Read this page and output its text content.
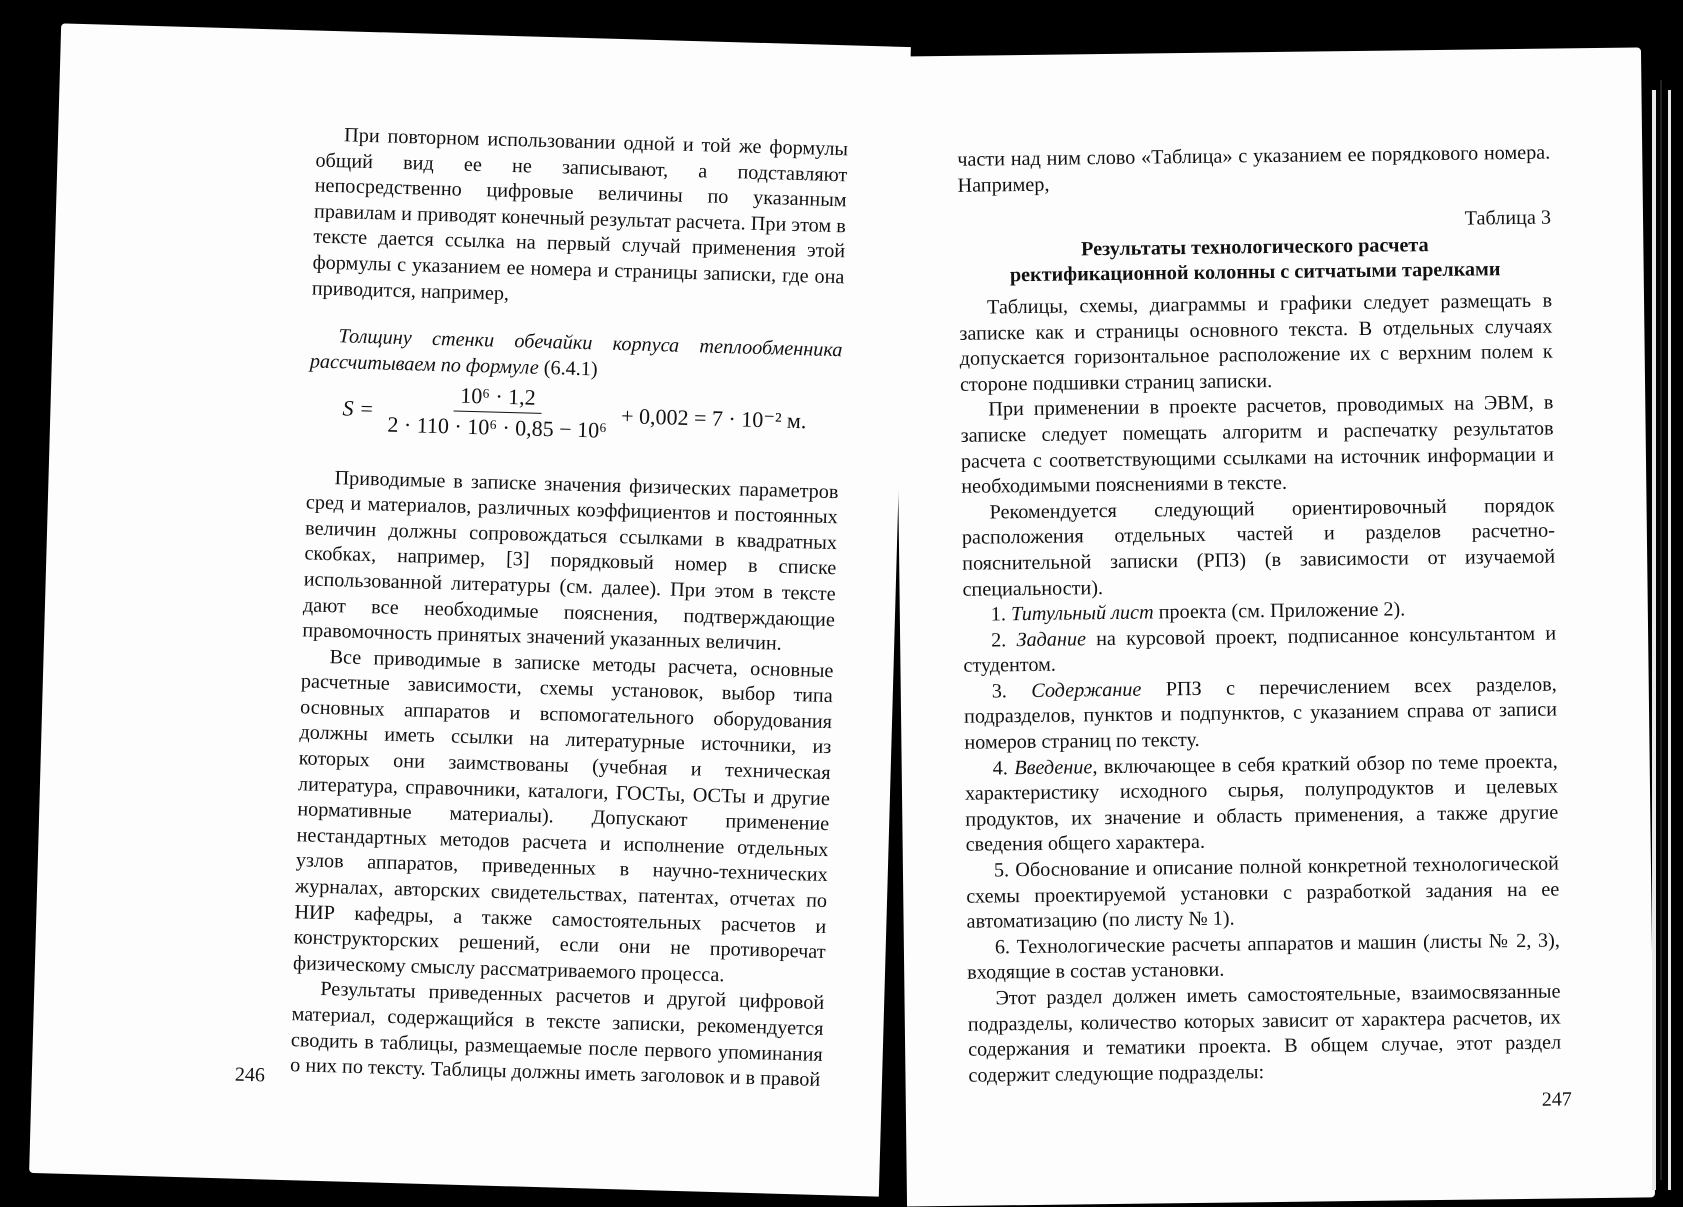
При повторном использовании одной и той же формулы общий вид ее не записывают, а подставляют непосредственно цифровые величины по указанным правилам и приводят конечный результат расчета. При этом в тексте дается ссылка на первый случай применения этой формулы с указанием ее номера и страницы записки, где она приводится, например,

Толщину стенки обечайки корпуса теплообменника рассчитываем по формуле (6.4.1)

$S = \frac{\text{10⁶ · 1,2}}{\text{2 · 110 · 10⁶ · 0,85 − 10⁶}} + 0,002 = 7 \cdot 10^{-2}$ м.

Приводимые в записке значения физических параметров сред и материалов, различных коэффициентов и постоянных величин должны сопровождаться ссылками в квадратных скобках, например, [3] порядковый номер в списке использованной литературы (см. далее). При этом в тексте дают все необходимые пояснения, подтверждающие правомочность принятых значений указанных величин.

Все приводимые в записке методы расчета, основные расчетные зависимости, схемы установок, выбор типа основных аппаратов и вспомогательного оборудования должны иметь ссылки на литературные источники, из которых они заимствованы (учебная и техническая литература, справочники, каталоги, ГОСТы, ОСТы и другие нормативные материалы). Допускают применение нестандартных методов расчета и исполнение отдельных узлов аппаратов, приведенных в научно-технических журналах, авторских свидетельствах, патентах, отчетах по НИР кафедры, а также самостоятельных расчетов и конструкторских решений, если они не противоречат физическому смыслу рассматриваемого процесса.

Результаты приведенных расчетов и другой цифровой материал, содержащийся в тексте записки, рекомендуется сводить в таблицы, размещаемые после первого упоминания о них по тексту. Таблицы должны иметь заголовок и в правой

246

части над ним слово «Таблица» с указанием ее порядкового номера. Например,

Таблица 3
Результаты технологического расчета
ректификационной колонны с ситчатыми тарелками

Таблицы, схемы, диаграммы и графики следует размещать в записке как и страницы основного текста. В отдельных случаях допускается горизонтальное расположение их с верхним полем к стороне подшивки страниц записки.

При применении в проекте расчетов, проводимых на ЭВМ, в записке следует помещать алгоритм и распечатку результатов расчета с соответствующими ссылками на источник информации и необходимыми пояснениями в тексте.

Рекомендуется следующий ориентировочный порядок расположения отдельных частей и разделов расчетно-пояснительной записки (РПЗ) (в зависимости от изучаемой специальности).

1. Титульный лист проекта (см. Приложение 2).

2. Задание на курсовой проект, подписанное консультантом и студентом.

3. Содержание РПЗ с перечислением всех разделов, подразделов, пунктов и подпунктов, с указанием справа от записи номеров страниц по тексту.

4. Введение, включающее в себя краткий обзор по теме проекта, характеристику исходного сырья, полупродуктов и целевых продуктов, их значение и область применения, а также другие сведения общего характера.

5. Обоснование и описание полной конкретной технологической схемы проектируемой установки с разработкой задания на ее автоматизацию (по листу № 1).

6. Технологические расчеты аппаратов и машин (листы № 2, 3), входящие в состав установки.

Этот раздел должен иметь самостоятельные, взаимосвязанные подразделы, количество которых зависит от характера расчетов, их содержания и тематики проекта. В общем случае, этот раздел содержит следующие подразделы:

247
